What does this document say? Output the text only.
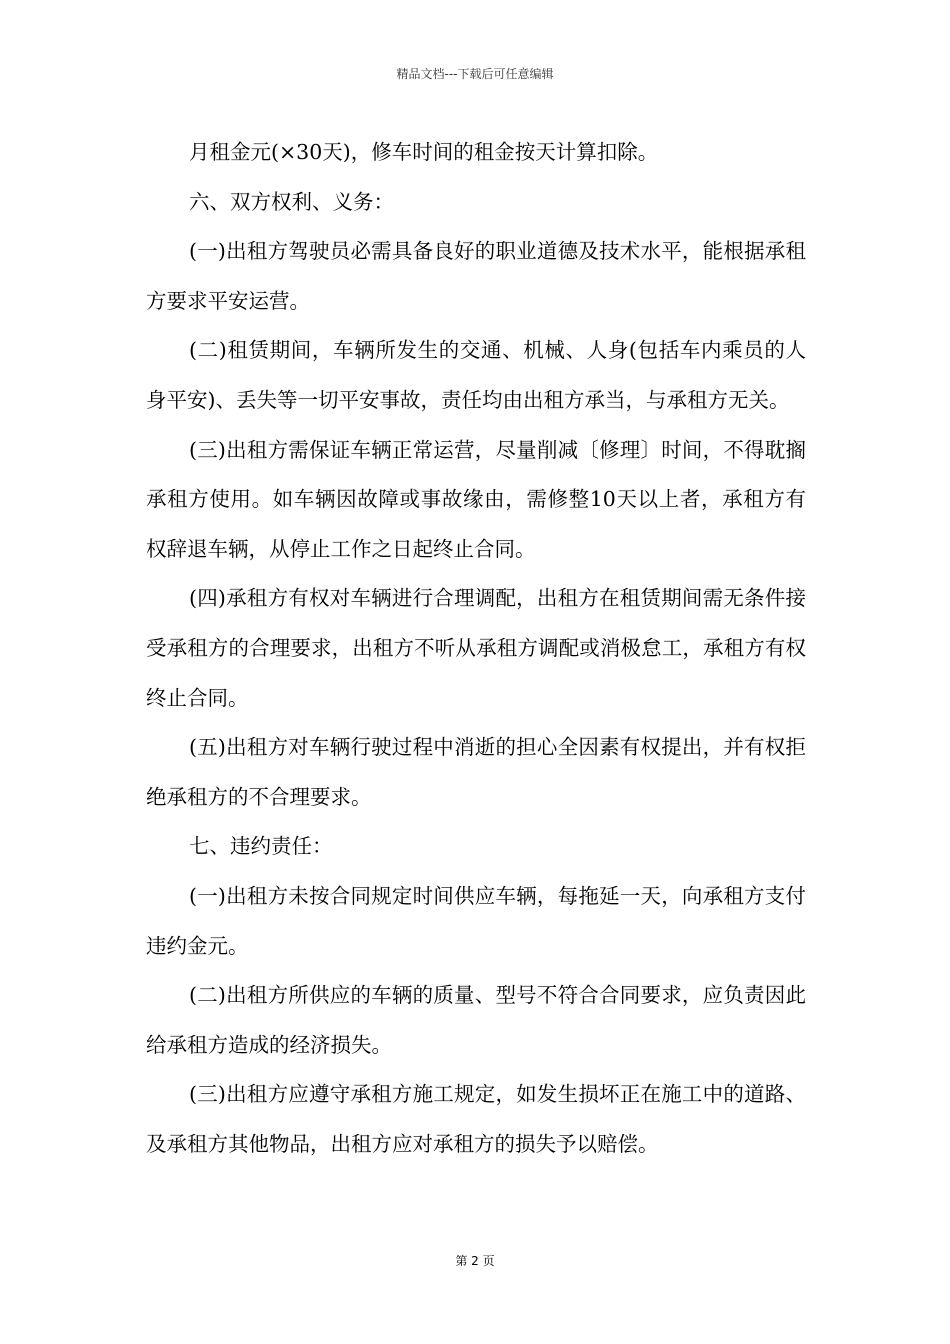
精品文档---下载后可任意编辑

月租金元(×30天)，修车时间的租金按天计算扣除。

六、双方权利、义务：

(一)出租方驾驶员必需具备良好的职业道德及技术水平，能根据承租方要求平安运营。

(二)租赁期间，车辆所发生的交通、机械、人身(包括车内乘员的人身平安)、丢失等一切平安事故，责任均由出租方承当，与承租方无关。

(三)出租方需保证车辆正常运营，尽量削减〔修理〕时间，不得耽搁承租方使用。如车辆因故障或事故缘由，需修整10天以上者，承租方有权辞退车辆，从停止工作之日起终止合同。

(四)承租方有权对车辆进行合理调配，出租方在租赁期间需无条件接受承租方的合理要求，出租方不听从承租方调配或消极怠工，承租方有权终止合同。

(五)出租方对车辆行驶过程中消逝的担心全因素有权提出，并有权拒绝承租方的不合理要求。

七、违约责任：

(一)出租方未按合同规定时间供应车辆，每拖延一天，向承租方支付违约金元。

(二)出租方所供应的车辆的质量、型号不符合合同要求，应负责因此给承租方造成的经济损失。

(三)出租方应遵守承租方施工规定，如发生损坏正在施工中的道路、及承租方其他物品，出租方应对承租方的损失予以赔偿。

第 2 页
